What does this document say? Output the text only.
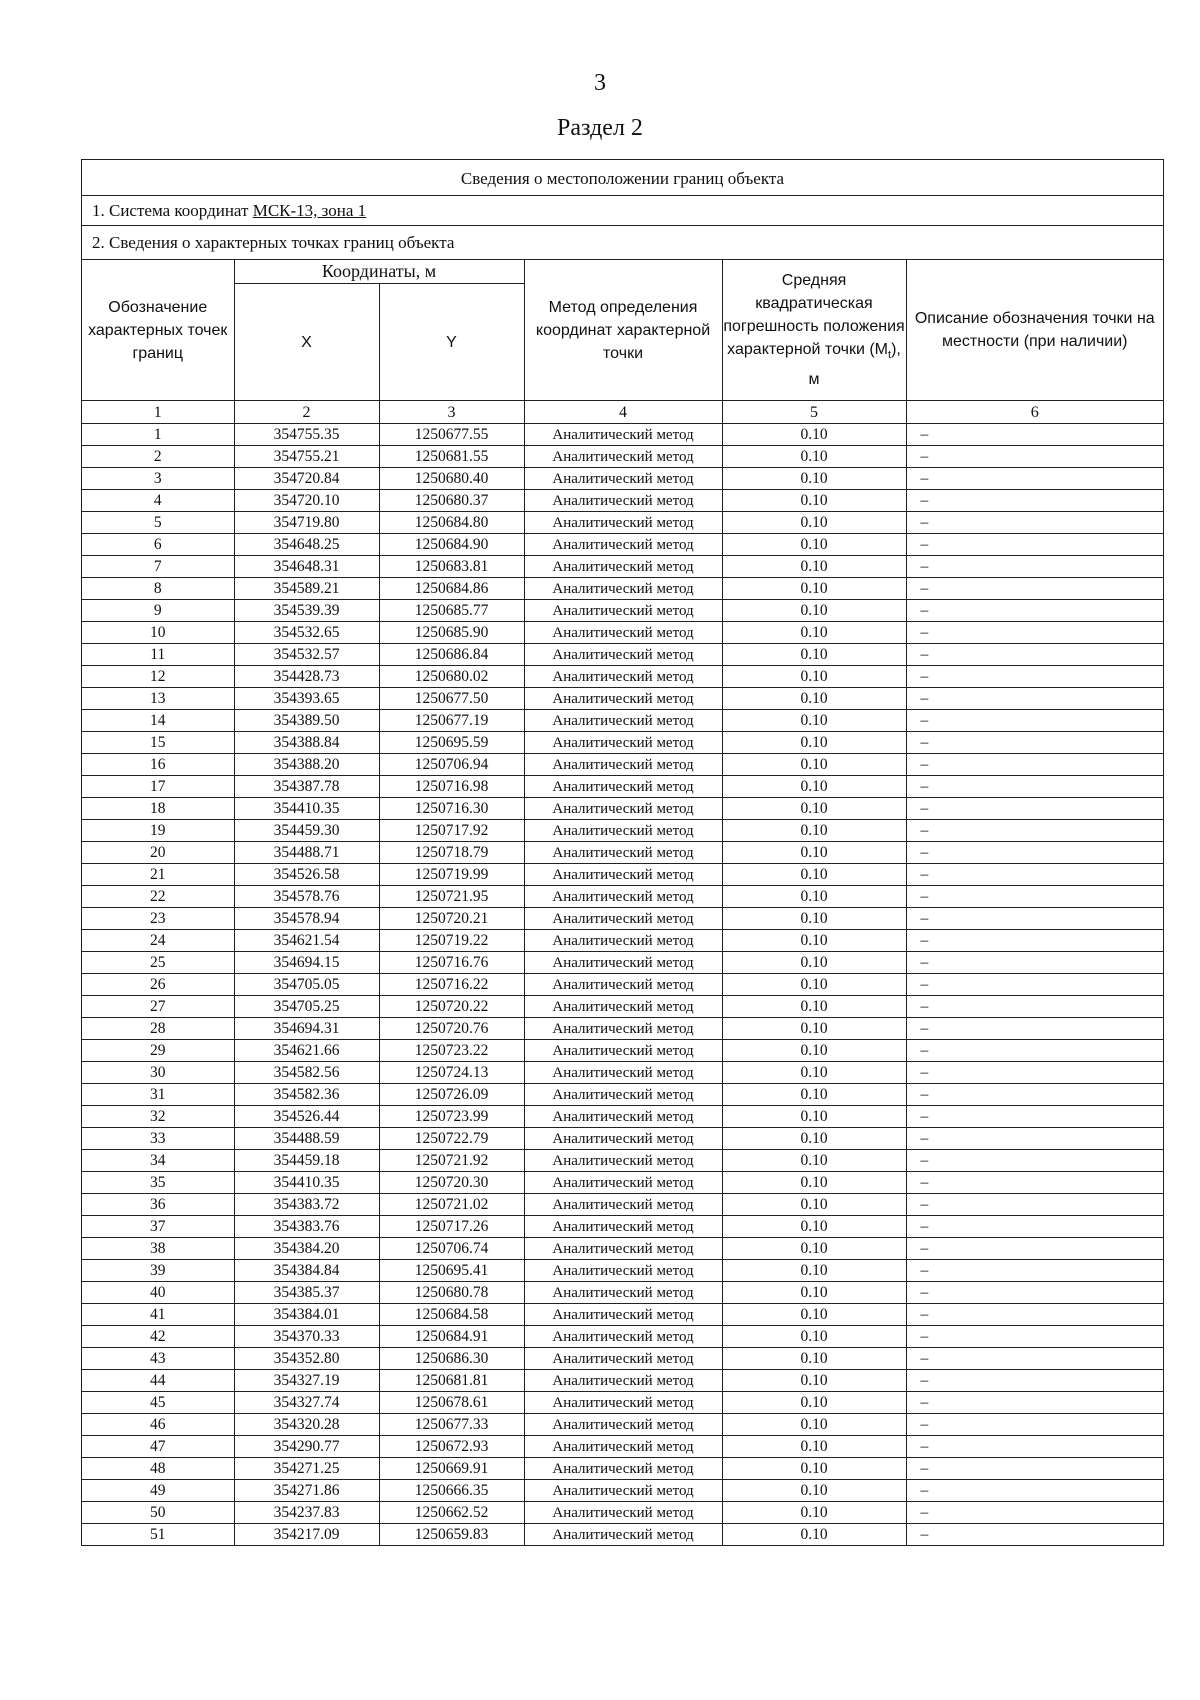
3
Раздел 2
Сведения о местоположении границ объекта
1. Система координат МСК-13, зона 1
2. Сведения о характерных точках границ объекта
Обозначение характерных точек границ	Координаты, м		Метод определения координат характерной точки	Средняя квадратическая погрешность положения характерной точки $(M_t)$, м	Описание обозначения точки на местности (при наличии)
	X	Y			
1	2	3	4	5	6
1	354755.35	1250677.55	Аналитический метод	0.10	–
2	354755.21	1250681.55	Аналитический метод	0.10	–
3	354720.84	1250680.40	Аналитический метод	0.10	–
4	354720.10	1250680.37	Аналитический метод	0.10	–
5	354719.80	1250684.80	Аналитический метод	0.10	–
6	354648.25	1250684.90	Аналитический метод	0.10	–
7	354648.31	1250683.81	Аналитический метод	0.10	–
8	354589.21	1250684.86	Аналитический метод	0.10	–
9	354539.39	1250685.77	Аналитический метод	0.10	–
10	354532.65	1250685.90	Аналитический метод	0.10	–
11	354532.57	1250686.84	Аналитический метод	0.10	–
12	354428.73	1250680.02	Аналитический метод	0.10	–
13	354393.65	1250677.50	Аналитический метод	0.10	–
14	354389.50	1250677.19	Аналитический метод	0.10	–
15	354388.84	1250695.59	Аналитический метод	0.10	–
16	354388.20	1250706.94	Аналитический метод	0.10	–
17	354387.78	1250716.98	Аналитический метод	0.10	–
18	354410.35	1250716.30	Аналитический метод	0.10	–
19	354459.30	1250717.92	Аналитический метод	0.10	–
20	354488.71	1250718.79	Аналитический метод	0.10	–
21	354526.58	1250719.99	Аналитический метод	0.10	–
22	354578.76	1250721.95	Аналитический метод	0.10	–
23	354578.94	1250720.21	Аналитический метод	0.10	–
24	354621.54	1250719.22	Аналитический метод	0.10	–
25	354694.15	1250716.76	Аналитический метод	0.10	–
26	354705.05	1250716.22	Аналитический метод	0.10	–
27	354705.25	1250720.22	Аналитический метод	0.10	–
28	354694.31	1250720.76	Аналитический метод	0.10	–
29	354621.66	1250723.22	Аналитический метод	0.10	–
30	354582.56	1250724.13	Аналитический метод	0.10	–
31	354582.36	1250726.09	Аналитический метод	0.10	–
32	354526.44	1250723.99	Аналитический метод	0.10	–
33	354488.59	1250722.79	Аналитический метод	0.10	–
34	354459.18	1250721.92	Аналитический метод	0.10	–
35	354410.35	1250720.30	Аналитический метод	0.10	–
36	354383.72	1250721.02	Аналитический метод	0.10	–
37	354383.76	1250717.26	Аналитический метод	0.10	–
38	354384.20	1250706.74	Аналитический метод	0.10	–
39	354384.84	1250695.41	Аналитический метод	0.10	–
40	354385.37	1250680.78	Аналитический метод	0.10	–
41	354384.01	1250684.58	Аналитический метод	0.10	–
42	354370.33	1250684.91	Аналитический метод	0.10	–
43	354352.80	1250686.30	Аналитический метод	0.10	–
44	354327.19	1250681.81	Аналитический метод	0.10	–
45	354327.74	1250678.61	Аналитический метод	0.10	–
46	354320.28	1250677.33	Аналитический метод	0.10	–
47	354290.77	1250672.93	Аналитический метод	0.10	–
48	354271.25	1250669.91	Аналитический метод	0.10	–
49	354271.86	1250666.35	Аналитический метод	0.10	–
50	354237.83	1250662.52	Аналитический метод	0.10	–
51	354217.09	1250659.83	Аналитический метод	0.10	–
